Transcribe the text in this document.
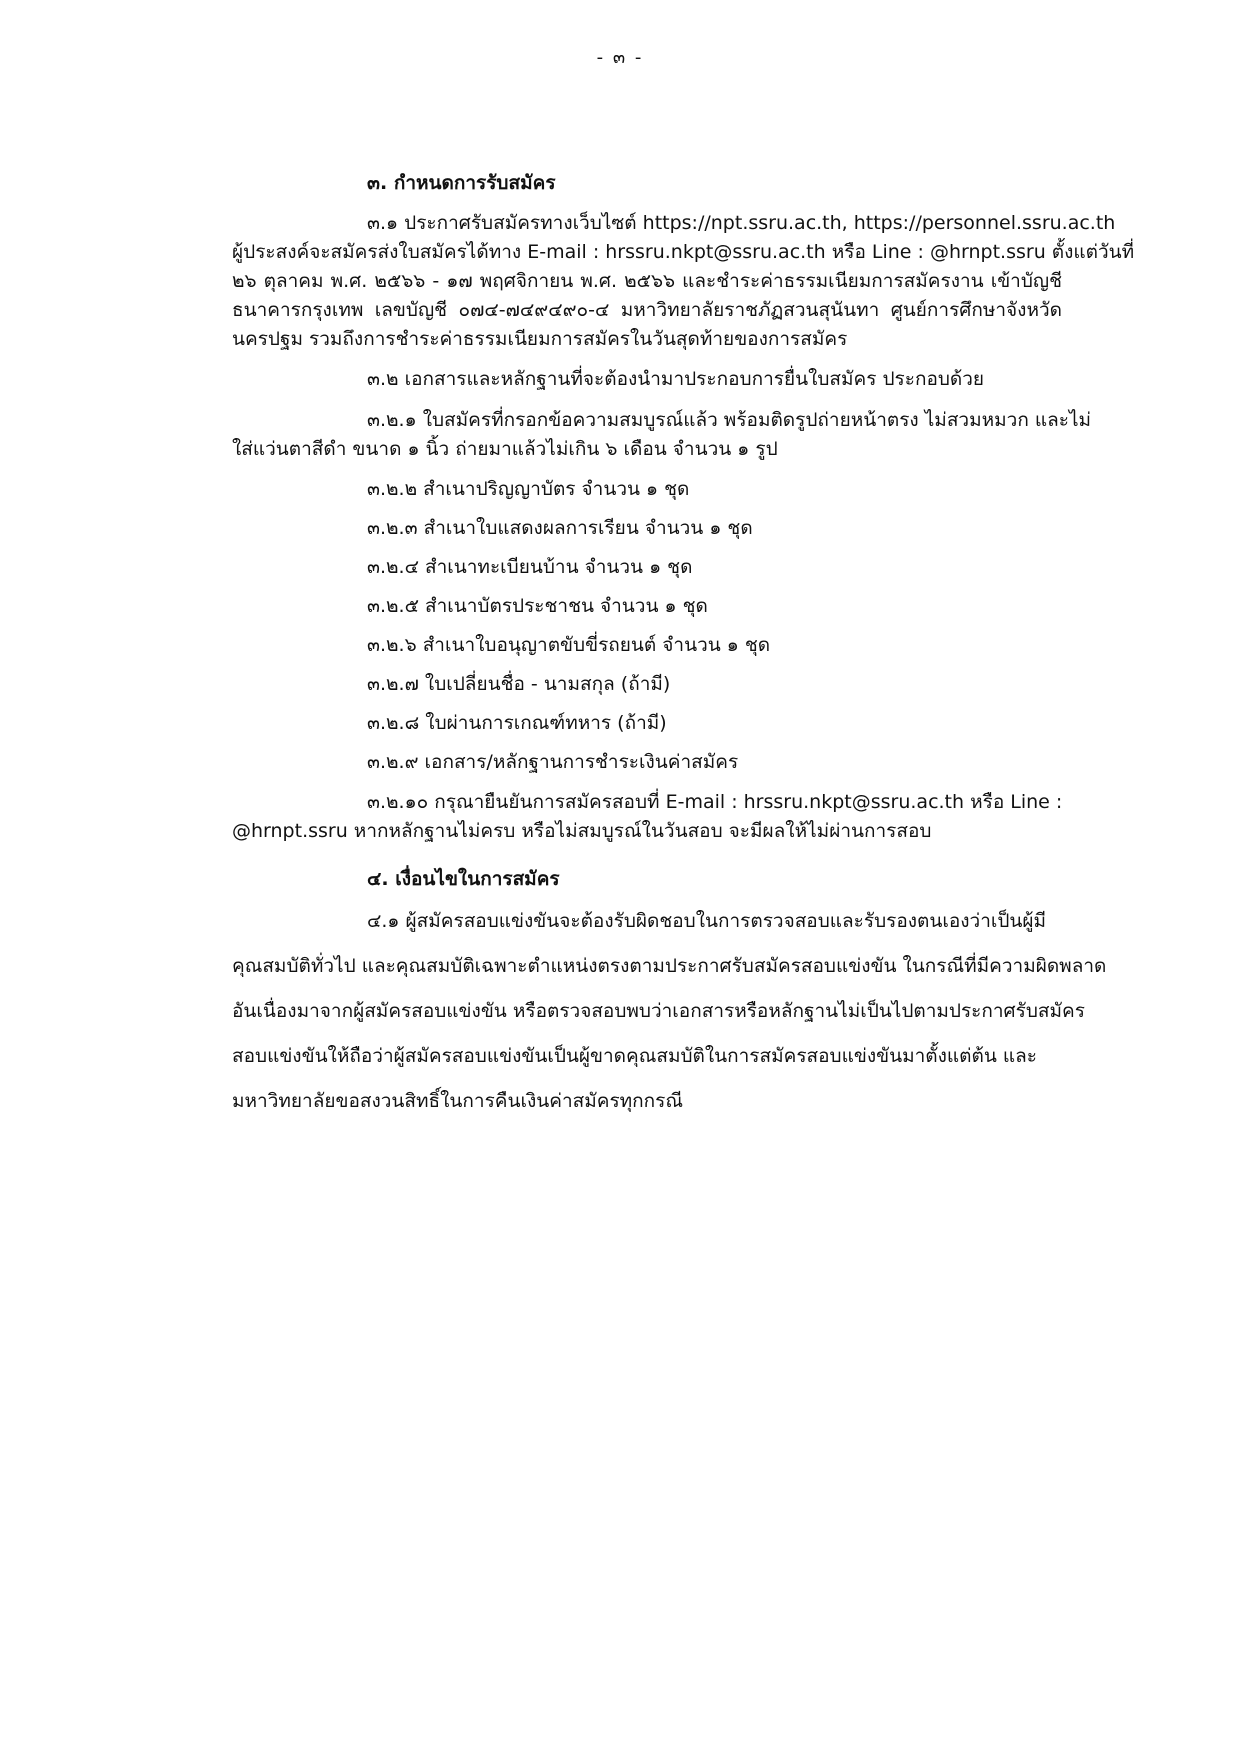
- ๓ -
๓. กำหนดการรับสมัคร
๓.๑ ประกาศรับสมัครทางเว็บไซต์ https://npt.ssru.ac.th, https://personnel.ssru.ac.th
ผู้ประสงค์จะสมัครส่งใบสมัครได้ทาง E-mail : hrssru.nkpt@ssru.ac.th หรือ Line : @hrnpt.ssru ตั้งแต่วันที่
๒๖ ตุลาคม พ.ศ. ๒๕๖๖ - ๑๗ พฤศจิกายน พ.ศ. ๒๕๖๖ และชำระค่าธรรมเนียมการสมัครงาน เข้าบัญชี
ธนาคารกรุงเทพ เลขบัญชี ๐๗๔-๗๔๙๔๙๐-๔ มหาวิทยาลัยราชภัฏสวนสุนันทา ศูนย์การศึกษาจังหวัด
นครปฐม รวมถึงการชำระค่าธรรมเนียมการสมัครในวันสุดท้ายของการสมัคร
๓.๒ เอกสารและหลักฐานที่จะต้องนำมาประกอบการยื่นใบสมัคร ประกอบด้วย
๓.๒.๑ ใบสมัครที่กรอกข้อความสมบูรณ์แล้ว พร้อมติดรูปถ่ายหน้าตรง ไม่สวมหมวก และไม่
ใส่แว่นตาสีดำ ขนาด ๑ นิ้ว ถ่ายมาแล้วไม่เกิน ๖ เดือน จำนวน ๑ รูป
๓.๒.๒ สำเนาปริญญาบัตร จำนวน ๑ ชุด
๓.๒.๓ สำเนาใบแสดงผลการเรียน จำนวน ๑ ชุด
๓.๒.๔ สำเนาทะเบียนบ้าน จำนวน ๑ ชุด
๓.๒.๕ สำเนาบัตรประชาชน จำนวน ๑ ชุด
๓.๒.๖ สำเนาใบอนุญาตขับขี่รถยนต์ จำนวน ๑ ชุด
๓.๒.๗ ใบเปลี่ยนชื่อ - นามสกุล (ถ้ามี)
๓.๒.๘ ใบผ่านการเกณฑ์ทหาร (ถ้ามี)
๓.๒.๙ เอกสาร/หลักฐานการชำระเงินค่าสมัคร
๓.๒.๑๐ กรุณายืนยันการสมัครสอบที่ E-mail : hrssru.nkpt@ssru.ac.th หรือ Line :
@hrnpt.ssru หากหลักฐานไม่ครบ หรือไม่สมบูรณ์ในวันสอบ จะมีผลให้ไม่ผ่านการสอบ
๔. เงื่อนไขในการสมัคร
๔.๑ ผู้สมัครสอบแข่งขันจะต้องรับผิดชอบในการตรวจสอบและรับรองตนเองว่าเป็นผู้มี
คุณสมบัติทั่วไป และคุณสมบัติเฉพาะตำแหน่งตรงตามประกาศรับสมัครสอบแข่งขัน ในกรณีที่มีความผิดพลาด
อันเนื่องมาจากผู้สมัครสอบแข่งขัน หรือตรวจสอบพบว่าเอกสารหรือหลักฐานไม่เป็นไปตามประกาศรับสมัคร
สอบแข่งขันให้ถือว่าผู้สมัครสอบแข่งขันเป็นผู้ขาดคุณสมบัติในการสมัครสอบแข่งขันมาตั้งแต่ต้น และ
มหาวิทยาลัยขอสงวนสิทธิ์ในการคืนเงินค่าสมัครทุกกรณี
